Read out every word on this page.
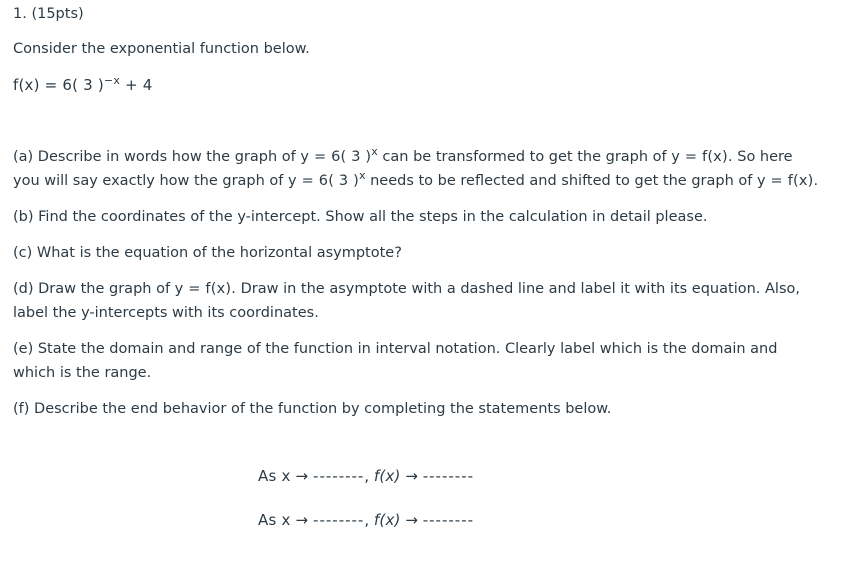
1. (15pts)
Consider the exponential function below.
f(x) = 6( 3 )$^{-x}$ + 4
(a) Describe in words how the graph of y = 6( 3 )$^x$ can be transformed to get the graph of y = f(x). So here
you will say exactly how the graph of y = 6( 3 )$^x$ needs to be reflected and shifted to get the graph of y = f(x).
(b) Find the coordinates of the y-intercept. Show all the steps in the calculation in detail please.
(c) What is the equation of the horizontal asymptote?
(d) Draw the graph of y = f(x). Draw in the asymptote with a dashed line and label it with its equation. Also,
label the y-intercepts with its coordinates.
(e) State the domain and range of the function in interval notation. Clearly label which is the domain and
which is the range.
(f) Describe the end behavior of the function by completing the statements below.
As x → --------, f(x) → --------
As x → --------, f(x) → --------
